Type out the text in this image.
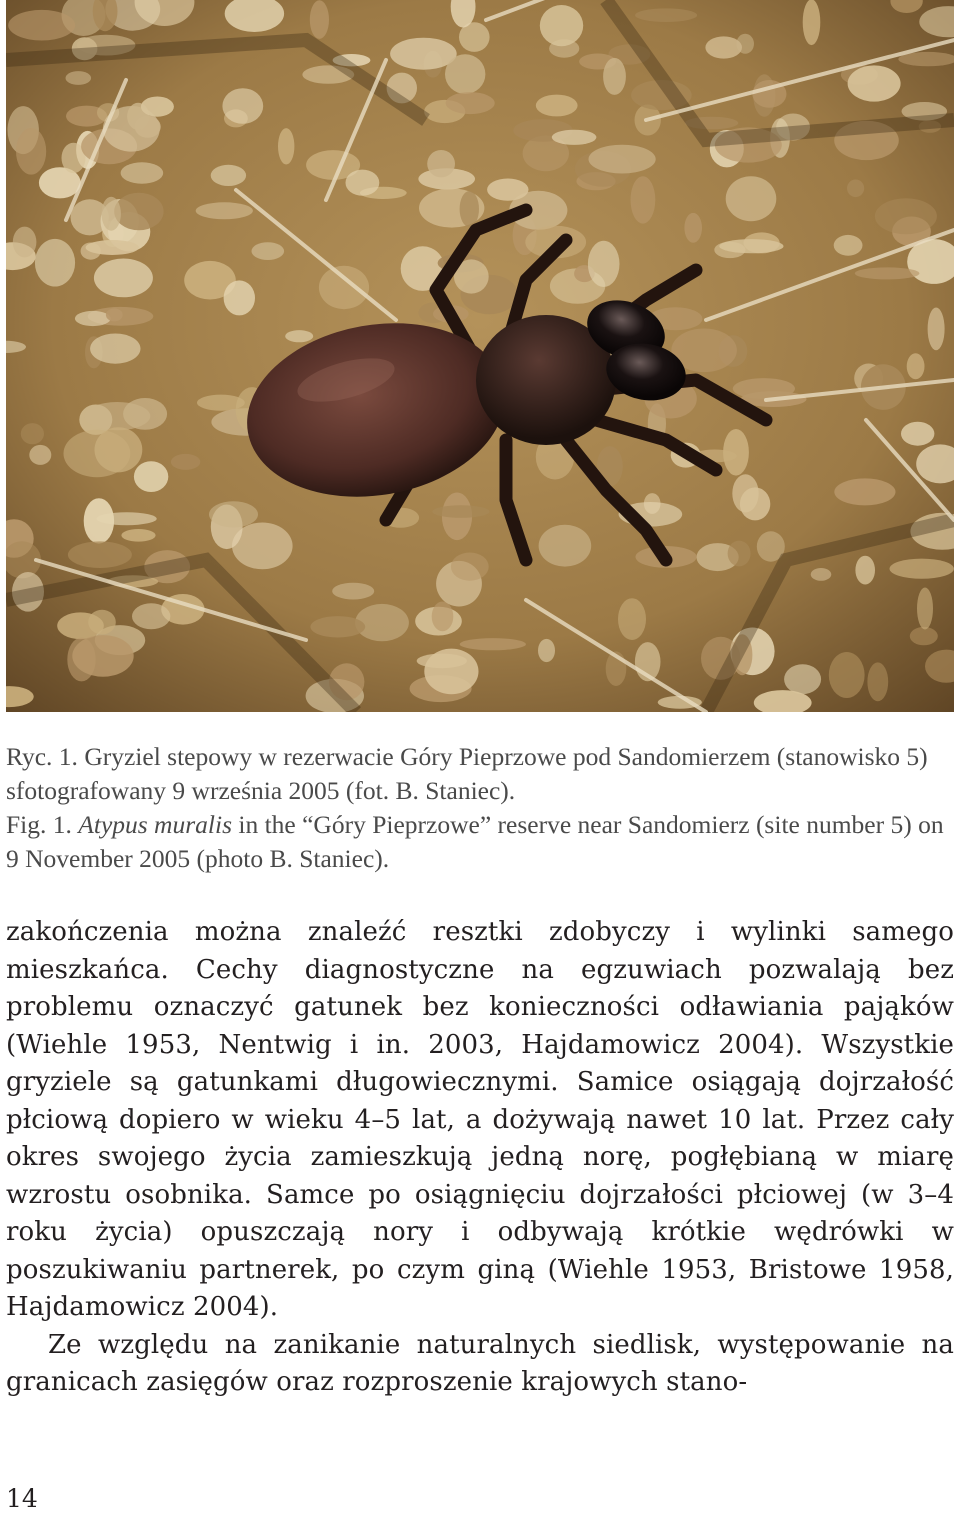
Ryc. 1. Gryziel stepowy w rezerwacie Góry Pieprzowe pod Sandomierzem (stanowisko 5) sfotografowany 9 września 2005 (fot. B. Staniec).

Fig. 1. Atypus muralis in the “Góry Pieprzowe” reserve near Sandomierz (site number 5) on 9 November 2005 (photo B. Staniec).

zakończenia można znaleźć resztki zdobyczy i wylinki samego mieszkańca. Cechy diagnostyczne na egzuwiach pozwalają bez problemu oznaczyć gatunek bez konieczności odławiania pająków (Wiehle 1953, Nentwig i in. 2003, Hajdamowicz 2004). Wszystkie gryziele są gatunkami długowiecznymi. Samice osiągają dojrzałość płciową dopiero w wieku 4–5 lat, a dożywają nawet 10 lat. Przez cały okres swojego życia zamieszkują jedną norę, pogłębianą w miarę wzrostu osobnika. Samce po osiągnięciu dojrzałości płciowej (w 3–4 roku życia) opuszczają nory i odbywają krótkie wędrówki w poszukiwaniu partnerek, po czym giną (Wiehle 1953, Bristowe 1958, Hajdamowicz 2004).

Ze względu na zanikanie naturalnych siedlisk, występowanie na granicach zasięgów oraz rozproszenie krajowych stano-

14
